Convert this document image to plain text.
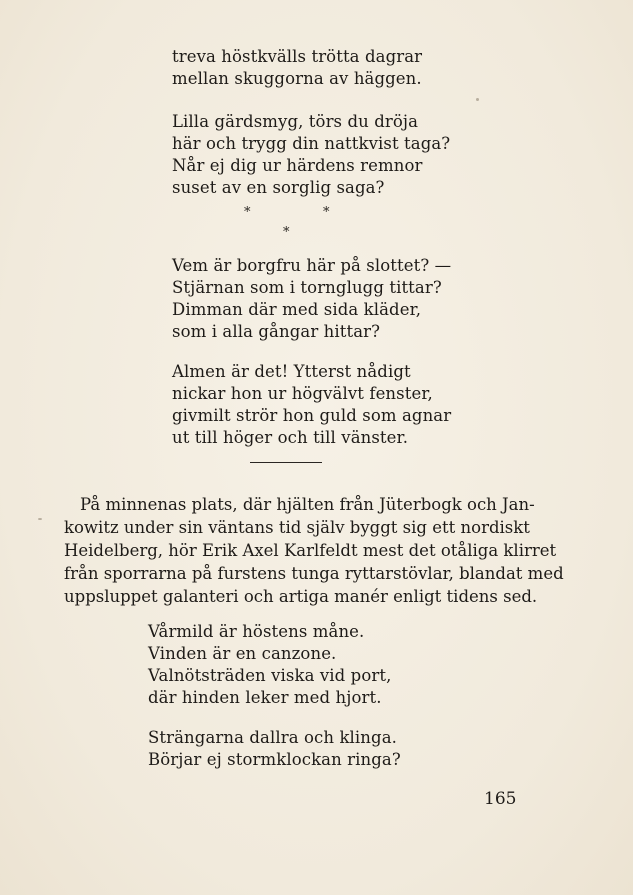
treva höstkvälls trötta dagrar
mellan skuggorna av häggen.
Lilla gärdsmyg, törs du dröja
här och trygg din nattkvist taga?
Når ej dig ur härdens remnor
suset av en sorglig saga?
*	*
*
Vem är borgfru här på slottet? —
Stjärnan som i tornglugg tittar?
Dimman där med sida kläder,
som i alla gångar hittar?
Almen är det! Ytterst nådigt
nickar hon ur högvälvt fenster,
givmilt strör hon guld som agnar
ut till höger och till vänster.
På minnenas plats, där hjälten från Jüterbogk och Jan-
kowitz under sin väntans tid själv byggt sig ett nordiskt
Heidelberg, hör Erik Axel Karlfeldt mest det otåliga klirret
från sporrarna på furstens tunga ryttarstövlar, blandat med
uppsluppet galanteri och artiga manér enligt tidens sed.
Vårmild är höstens måne.
Vinden är en canzone.
Valnötsträden viska vid port,
där hinden leker med hjort.
Strängarna dallra och klinga.
Börjar ej stormklockan ringa?
165
